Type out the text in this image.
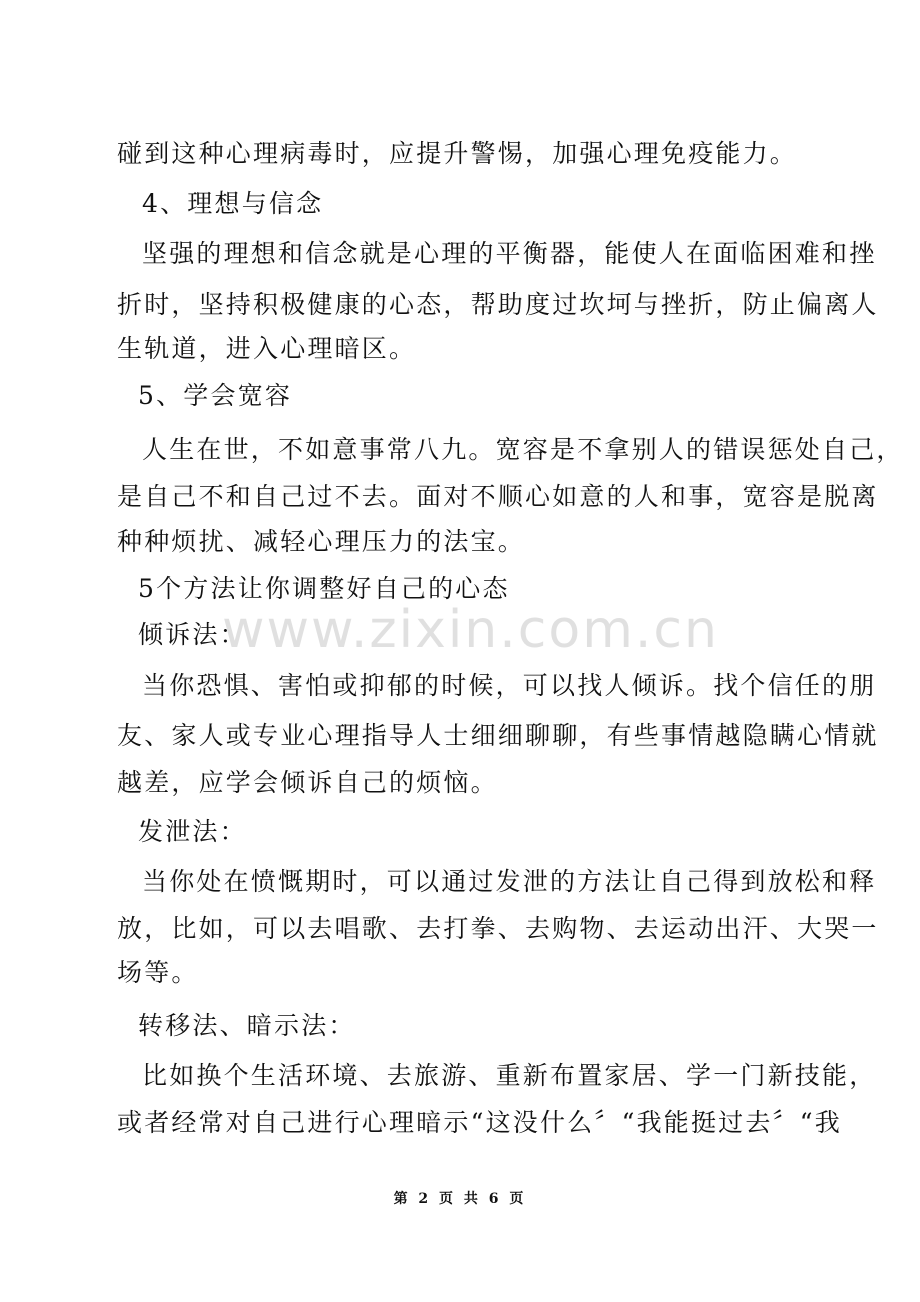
碰到这种心理病毒时，应提升警惕，加强心理免疫能力。
4、理想与信念
坚强的理想和信念就是心理的平衡器，能使人在面临困难和挫
折时，坚持积极健康的心态，帮助度过坎坷与挫折，防止偏离人
生轨道，进入心理暗区。
5、学会宽容
人生在世，不如意事常八九。宽容是不拿别人的错误惩处自己，
是自己不和自己过不去。面对不顺心如意的人和事，宽容是脱离
种种烦扰、减轻心理压力的法宝。
5个方法让你调整好自己的心态
倾诉法：
当你恐惧、害怕或抑郁的时候，可以找人倾诉。找个信任的朋
友、家人或专业心理指导人士细细聊聊，有些事情越隐瞒心情就
越差，应学会倾诉自己的烦恼。
发泄法：
当你处在愤慨期时，可以通过发泄的方法让自己得到放松和释
放，比如，可以去唱歌、去打拳、去购物、去运动出汗、大哭一
场等。
转移法、暗示法：
比如换个生活环境、去旅游、重新布置家居、学一门新技能，
或者经常对自己进行心理暗示“这没什么〞“我能挺过去〞“我
www.zixin.com.cn
第 2 页 共 6 页
